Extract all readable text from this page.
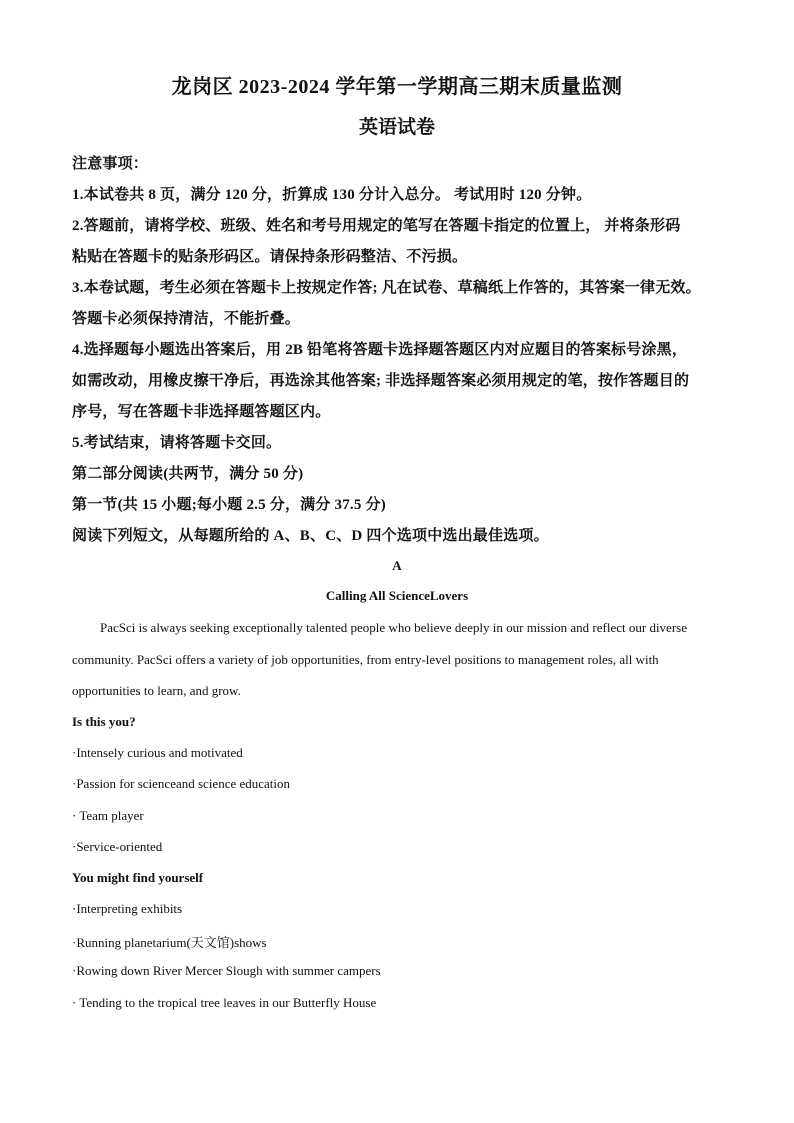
龙岗区 2023-2024 学年第一学期高三期末质量监测
英语试卷
注意事项：
1.本试卷共 8 页，满分 120 分，折算成 130 分计入总分。 考试用时 120 分钟。
2.答题前，请将学校、班级、姓名和考号用规定的笔写在答题卡指定的位置上， 并将条形码
粘贴在答题卡的贴条形码区。请保持条形码整洁、不污损。
3.本卷试题，考生必须在答题卡上按规定作答; 凡在试卷、草稿纸上作答的，其答案一律无效。
答题卡必须保持清洁，不能折叠。
4.选择题每小题选出答案后，用 2B 铅笔将答题卡选择题答题区内对应题目的答案标号涂黑，
如需改动，用橡皮擦干净后，再选涂其他答案; 非选择题答案必须用规定的笔，按作答题目的
序号，写在答题卡非选择题答题区内。
5.考试结束，请将答题卡交回。
第二部分阅读(共两节，满分 50 分)
第一节(共 15 小题;每小题 2.5 分，满分 37.5 分)
阅读下列短文，从每题所给的 A、B、C、D 四个选项中选出最佳选项。
A
Calling All ScienceLovers
PacSci is always seeking exceptionally talented people who believe deeply in our mission and reflect our diverse
community. PacSci offers a variety of job opportunities, from entry-level positions to management roles, all with
opportunities to learn, and grow.
Is this you?
·Intensely curious and motivated
·Passion for scienceand science education
· Team player
·Service-oriented
You might find yourself
·Interpreting exhibits
·Running planetarium(天文馆)shows
·Rowing down River Mercer Slough with summer campers
· Tending to the tropical tree leaves in our Butterfly House
